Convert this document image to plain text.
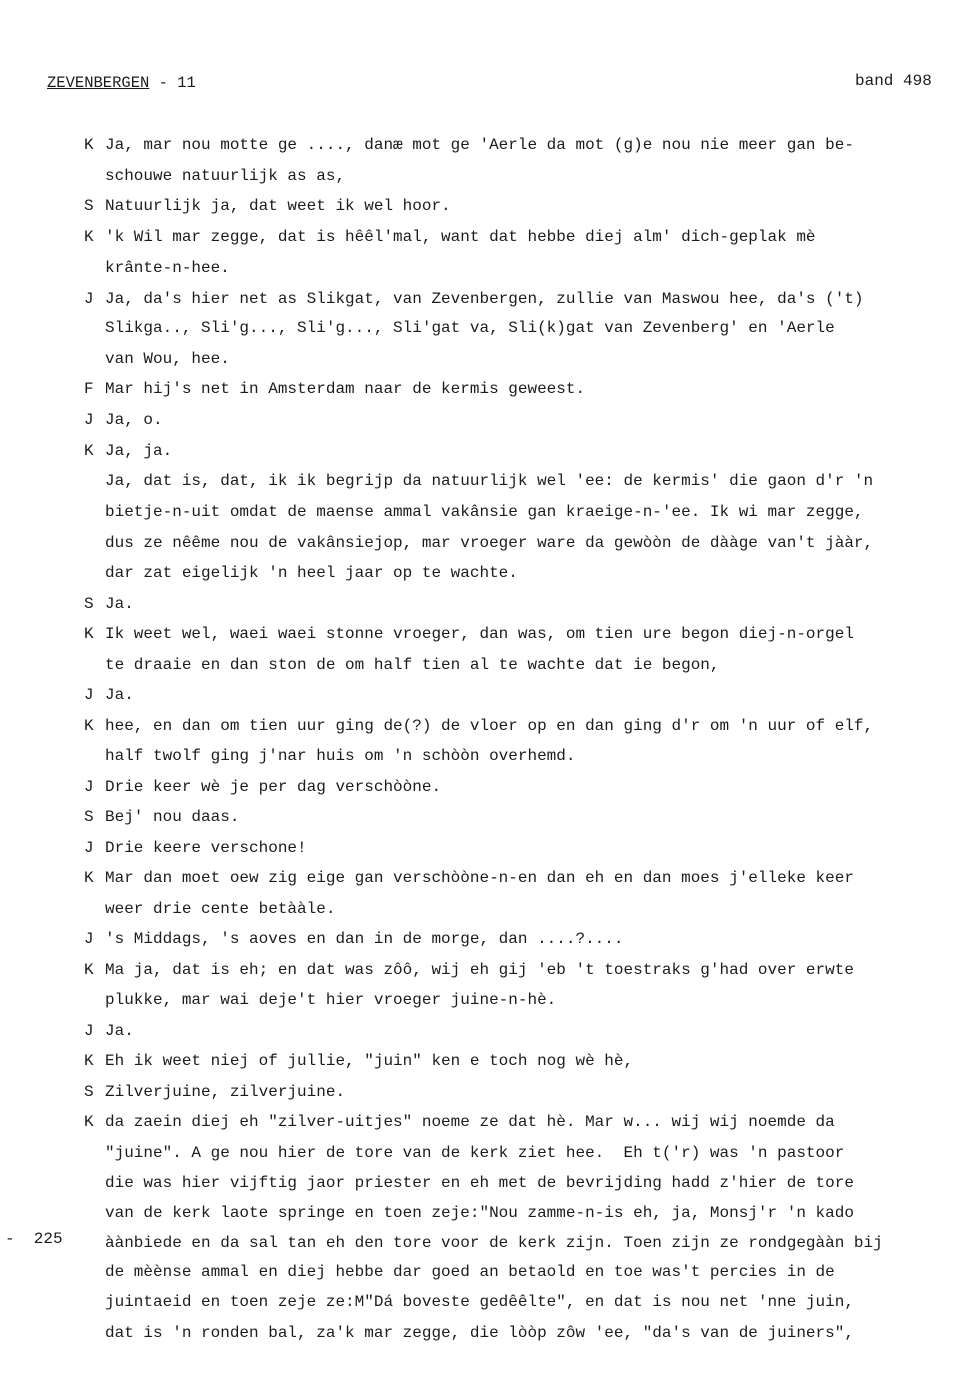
ZEVENBERGEN - 11	band 498
K Ja, mar nou motte ge ...., danæ mot ge 'Aerle da mot (g)e nou nie meer gan be-
schouwe natuurlijk as as,
S Natuurlijk ja, dat weet ik wel hoor.
K 'k Wil mar zegge, dat is hêêl'mal, want dat hebbe diej alm' dich-geplak mè
krânte-n-hee.
J Ja, da's hier net as Slikgat, van Zevenbergen, zullie van Maswou hee, da's ('t)
Slikga.., Sli'g..., Sli'g..., Sli'gat va, Sli(k)gat van Zevenberg' en 'Aerle
van Wou, hee.
F Mar hij's net in Amsterdam naar de kermis geweest.
J Ja, o.
K Ja, ja.
Ja, dat is, dat, ik ik begrijp da natuurlijk wel 'ee: de kermis' die gaon d'r 'n
bietje-n-uit omdat de maense ammal vakânsie gan kraeige-n-'ee. Ik wi mar zegge,
dus ze nêême nou de vakânsiejop, mar vroeger ware da gewòòn de dààge van't jààr,
dar zat eigelijk 'n heel jaar op te wachte.
S Ja.
K Ik weet wel, waei waei stonne vroeger, dan was, om tien ure begon diej-n-orgel
te draaie en dan ston de om half tien al te wachte dat ie begon,
J Ja.
K hee, en dan om tien uur ging de(?) de vloer op en dan ging d'r om 'n uur of elf,
half twolf ging j'nar huis om 'n schòòn overhemd.
J Drie keer wè je per dag verschòòne.
S Bej' nou daas.
J Drie keere verschone!
K Mar dan moet oew zig eige gan verschòòne-n-en dan eh en dan moes j'elleke keer
weer drie cente betààle.
J 's Middags, 's aoves en dan in de morge, dan ....?....
K Ma ja, dat is eh; en dat was zôô, wij eh gij 'eb 't toestraks g'had over erwte
plukke, mar wai deje't hier vroeger juine-n-hè.
J Ja.
K Eh ik weet niej of jullie, "juin" ken e toch nog wè hè,
S Zilverjuine, zilverjuine.
K da zaein diej eh "zilver-uitjes" noeme ze dat hè. Mar w... wij wij noemde da
"juine". A ge nou hier de tore van de kerk ziet hee.  Eh t('r) was 'n pastoor
die was hier vijftig jaor priester en eh met de bevrijding hadd z'hier de tore
van de kerk laote springe en toen zeje:"Nou zamme-n-is eh, ja, Monsj'r 'n kado
àànbiede en da sal tan eh den tore voor de kerk zijn. Toen zijn ze rondgegààn bij
de mèènse ammal en diej hebbe dar goed an betaold en toe was't percies in de
juintaeid en toen zeje ze:M"Dá boveste gedêêlte", en dat is nou net 'nne juin,
dat is 'n ronden bal, za'k mar zegge, die lòòp zôw 'ee, "da's van de juiners",
-  225
